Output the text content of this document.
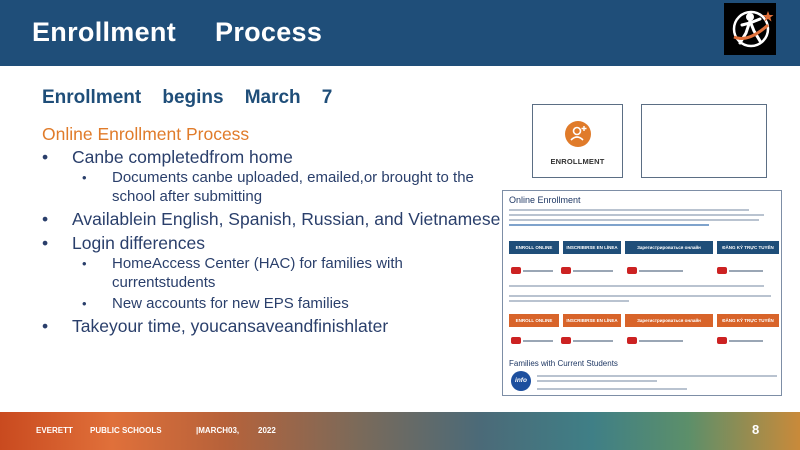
Enrollment     Process
Enrollment    begins    March    7
Online Enrollment Process
• Canbe completedfrom home
• Documents canbe uploaded, emailed,or brought to the school after submitting
• Availablein English, Spanish, Russian, and Vietnamese
• Login differences
• HomeAccess Center (HAC) for families with currentstudents
• New accounts for new EPS families
• Takeyour time, youcansaveandfinishlater
ENROLLMENT
Online Enrollment
ENROLL ONLINE	INSCRIBIRSE EN LÍNEA	Зарегистрироваться онлайн	ĐĂNG KÝ TRỰC TUYẾN
ENROLL ONLINE	INSCRIBIRSE EN LÍNEA	Зарегистрироваться онлайн	ĐĂNG KÝ TRỰC TUYẾN
Families with Current Students
info
EVERETT PUBLIC SCHOOLS	|MARCH03, 2022	8
